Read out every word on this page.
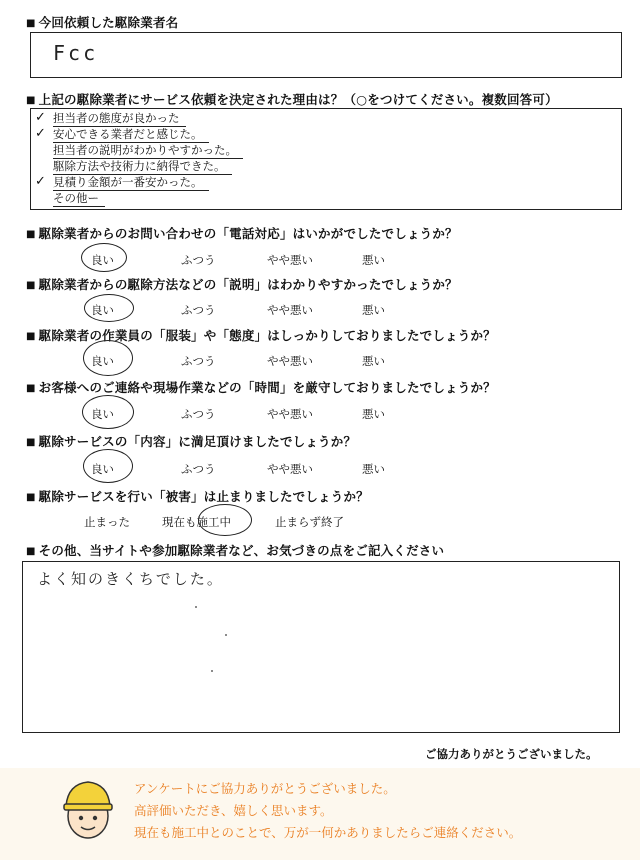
■ 今回依頼した駆除業者名
Fcc
■ 上記の駆除業者にサービス依頼を決定された理由は？（○をつけてください。複数回答可）
✓ 担当者の態度が良かった
✓ 安心できる業者だと感じた。
担当者の説明がわかりやすかった。
駆除方法や技術力に納得できた。
✓ 見積り金額が一番安かった。
その他ー
■ 駆除業者からのお問い合わせの「電話対応」はいかがでしたでしょうか？
良い	ふつう	やや悪い	悪い
■ 駆除業者からの駆除方法などの「説明」はわかりやすかったでしょうか？
良い	ふつう	やや悪い	悪い
■ 駆除業者の作業員の「服装」や「態度」はしっかりしておりましたでしょうか？
良い	ふつう	やや悪い	悪い
■ お客様へのご連絡や現場作業などの「時間」を厳守しておりましたでしょうか？
良い	ふつう	やや悪い	悪い
■ 駆除サービスの「内容」に満足頂けましたでしょうか？
良い	ふつう	やや悪い	悪い
■ 駆除サービスを行い「被害」は止まりましたでしょうか？
止まった	現在も施工中	止まらず終了
■ その他、当サイトや参加駆除業者など、お気づきの点をご記入ください
よく知のきくちでした。
ご協力ありがとうございました。
アンケートにご協力ありがとうございました。
高評価いただき、嬉しく思います。
現在も施工中とのことで、万が一何かありましたらご連絡ください。
